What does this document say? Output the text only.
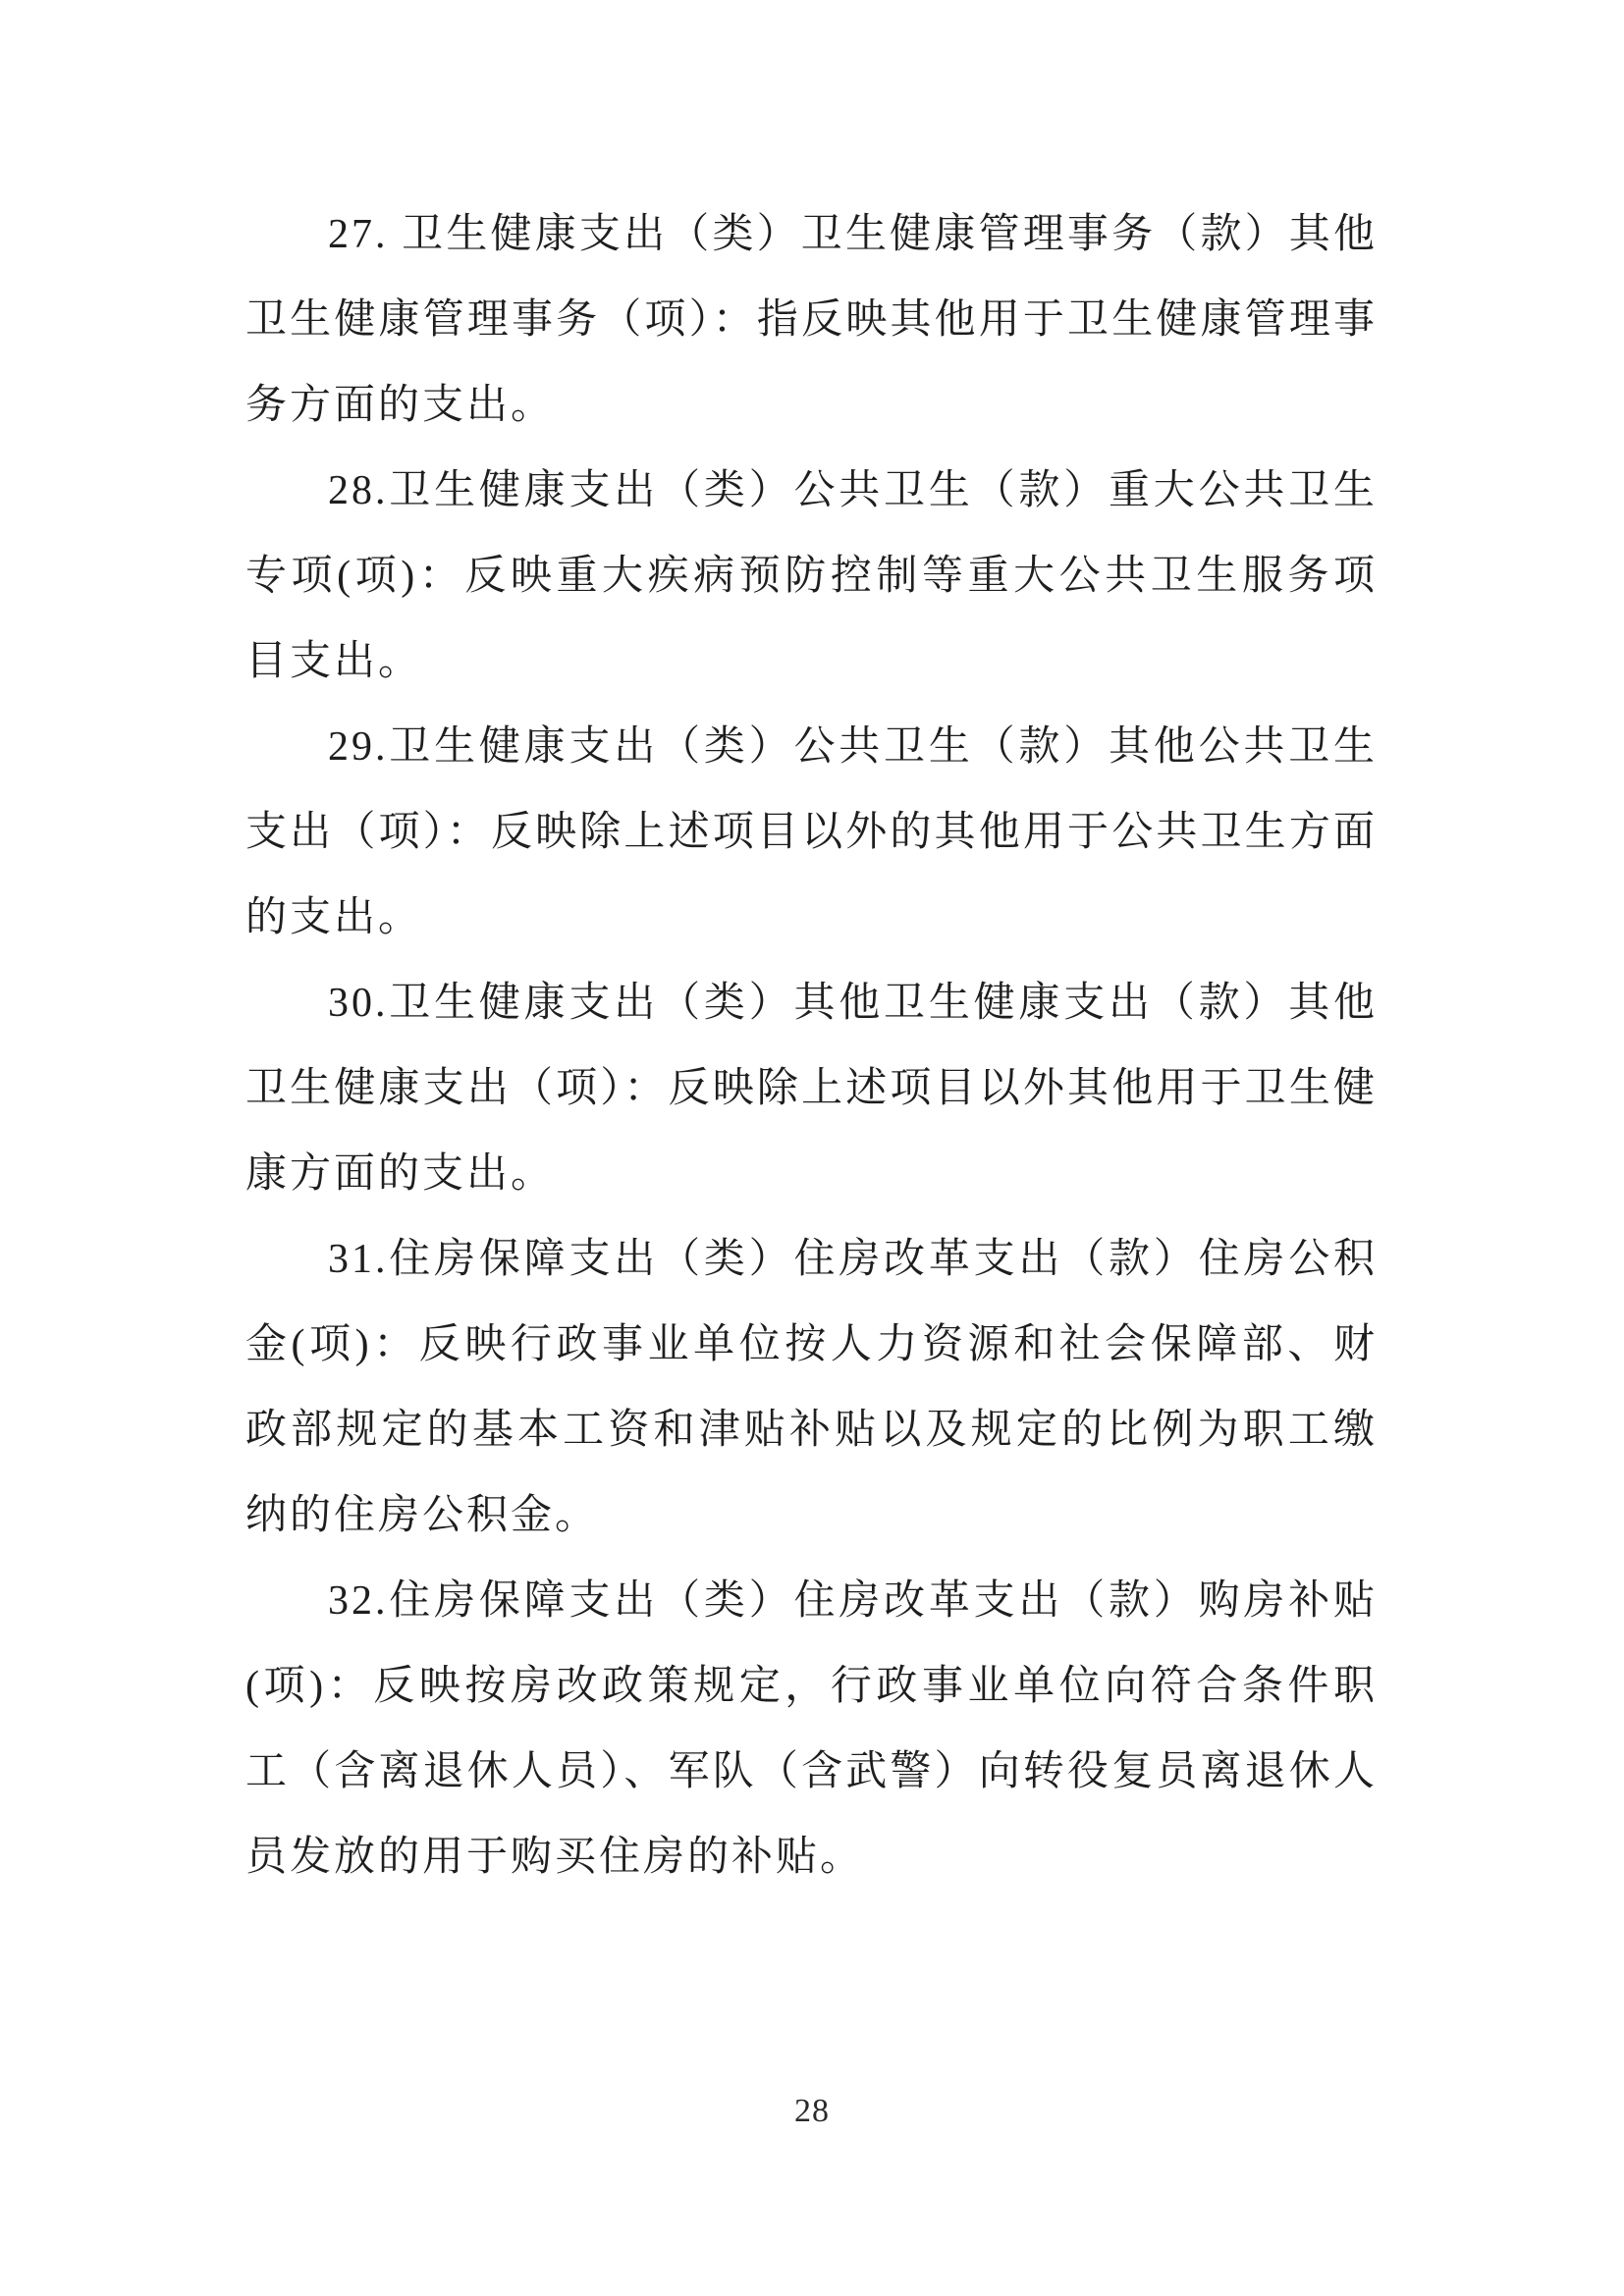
27. 卫生健康支出（类）卫生健康管理事务（款）其他卫生健康管理事务（项）：指反映其他用于卫生健康管理事务方面的支出。

28.卫生健康支出（类）公共卫生（款）重大公共卫生专项(项)：反映重大疾病预防控制等重大公共卫生服务项目支出。

29.卫生健康支出（类）公共卫生（款）其他公共卫生支出（项）：反映除上述项目以外的其他用于公共卫生方面的支出。

30.卫生健康支出（类）其他卫生健康支出（款）其他卫生健康支出（项）：反映除上述项目以外其他用于卫生健康方面的支出。

31.住房保障支出（类）住房改革支出（款）住房公积金(项)：反映行政事业单位按人力资源和社会保障部、财政部规定的基本工资和津贴补贴以及规定的比例为职工缴纳的住房公积金。

32.住房保障支出（类）住房改革支出（款）购房补贴(项)：反映按房改政策规定，行政事业单位向符合条件职工（含离退休人员）、军队（含武警）向转役复员离退休人员发放的用于购买住房的补贴。

28
